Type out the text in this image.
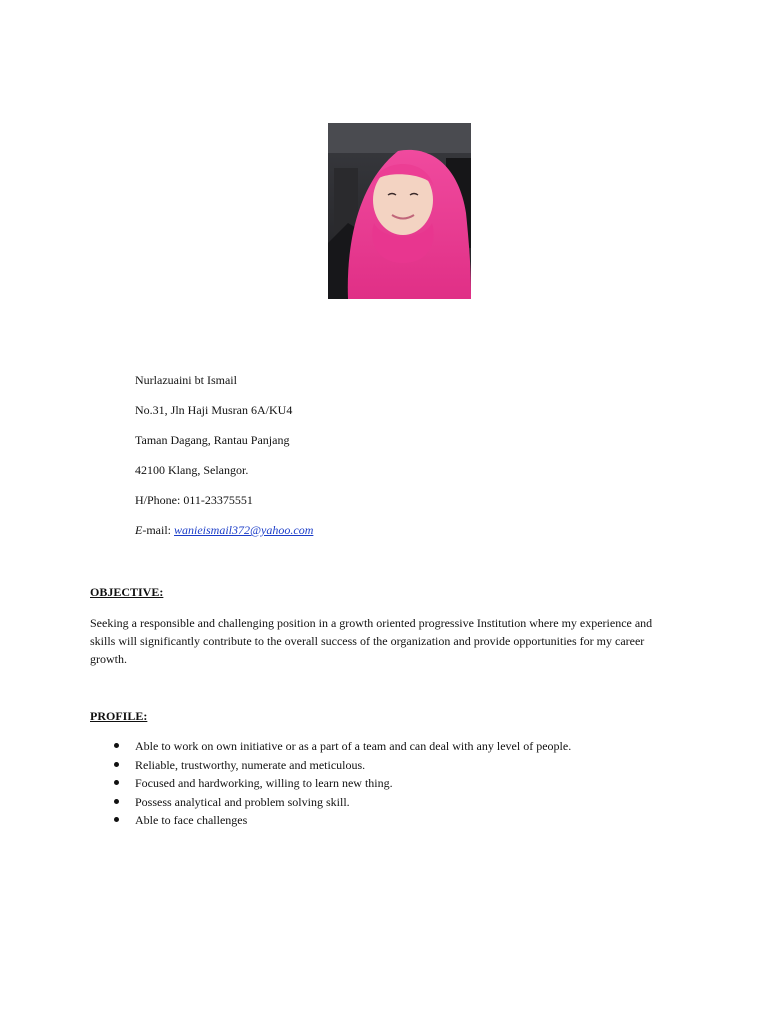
Nurlazuaini bt Ismail
No.31, Jln Haji Musran 6A/KU4
Taman Dagang, Rantau Panjang
42100 Klang, Selangor.
H/Phone: 011-23375551
E-mail: wanieismail372@yahoo.com
OBJECTIVE:
Seeking a responsible and challenging position in a growth oriented progressive Institution where my experience and skills will significantly contribute to the overall success of the organization and provide opportunities for my career growth.
PROFILE:
Able to work on own initiative or as a part of a team and can deal with any level of people.
Reliable, trustworthy, numerate and meticulous.
Focused and hardworking, willing to learn new thing.
Possess analytical and problem solving skill.
Able to face challenges
